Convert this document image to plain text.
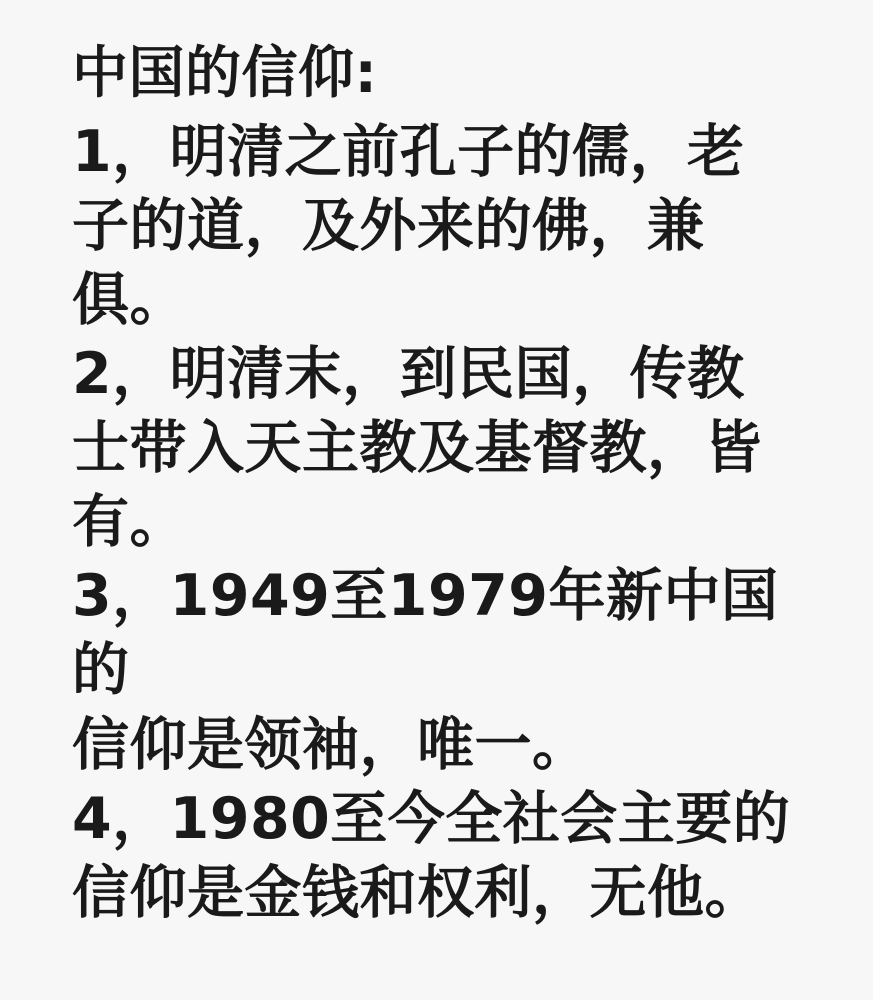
中国的信仰:
1，明清之前孔子的儒，老
子的道，及外来的佛，兼
俱。
2，明清末，到民国，传教
士带入天主教及基督教，皆
有。
3，1949至1979年新中国的
信仰是领袖，唯一。
4，1980至今全社会主要的
信仰是金钱和权利，无他。
